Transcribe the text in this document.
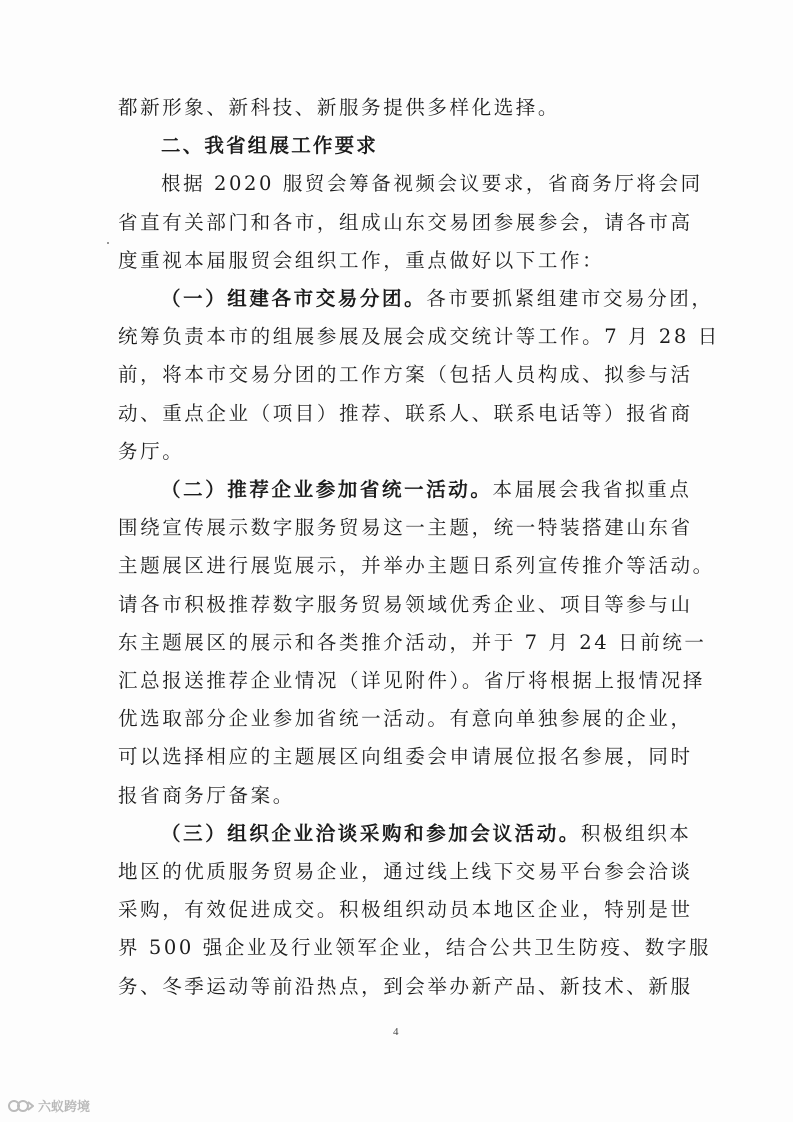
都新形象、新科技、新服务提供多样化选择。
二、我省组展工作要求
根据 2020 服贸会筹备视频会议要求，省商务厅将会同
省直有关部门和各市，组成山东交易团参展参会，请各市高
度重视本届服贸会组织工作，重点做好以下工作：
（一）组建各市交易分团。各市要抓紧组建市交易分团，
统筹负责本市的组展参展及展会成交统计等工作。7 月 28 日
前，将本市交易分团的工作方案（包括人员构成、拟参与活
动、重点企业（项目）推荐、联系人、联系电话等）报省商
务厅。
（二）推荐企业参加省统一活动。本届展会我省拟重点
围绕宣传展示数字服务贸易这一主题，统一特装搭建山东省
主题展区进行展览展示，并举办主题日系列宣传推介等活动。
请各市积极推荐数字服务贸易领域优秀企业、项目等参与山
东主题展区的展示和各类推介活动，并于 7 月 24 日前统一
汇总报送推荐企业情况（详见附件）。省厅将根据上报情况择
优选取部分企业参加省统一活动。有意向单独参展的企业，
可以选择相应的主题展区向组委会申请展位报名参展，同时
报省商务厅备案。
（三）组织企业洽谈采购和参加会议活动。积极组织本
地区的优质服务贸易企业，通过线上线下交易平台参会洽谈
采购，有效促进成交。积极组织动员本地区企业，特别是世
界 500 强企业及行业领军企业，结合公共卫生防疫、数字服
务、冬季运动等前沿热点，到会举办新产品、新技术、新服
4
六蚁跨境
